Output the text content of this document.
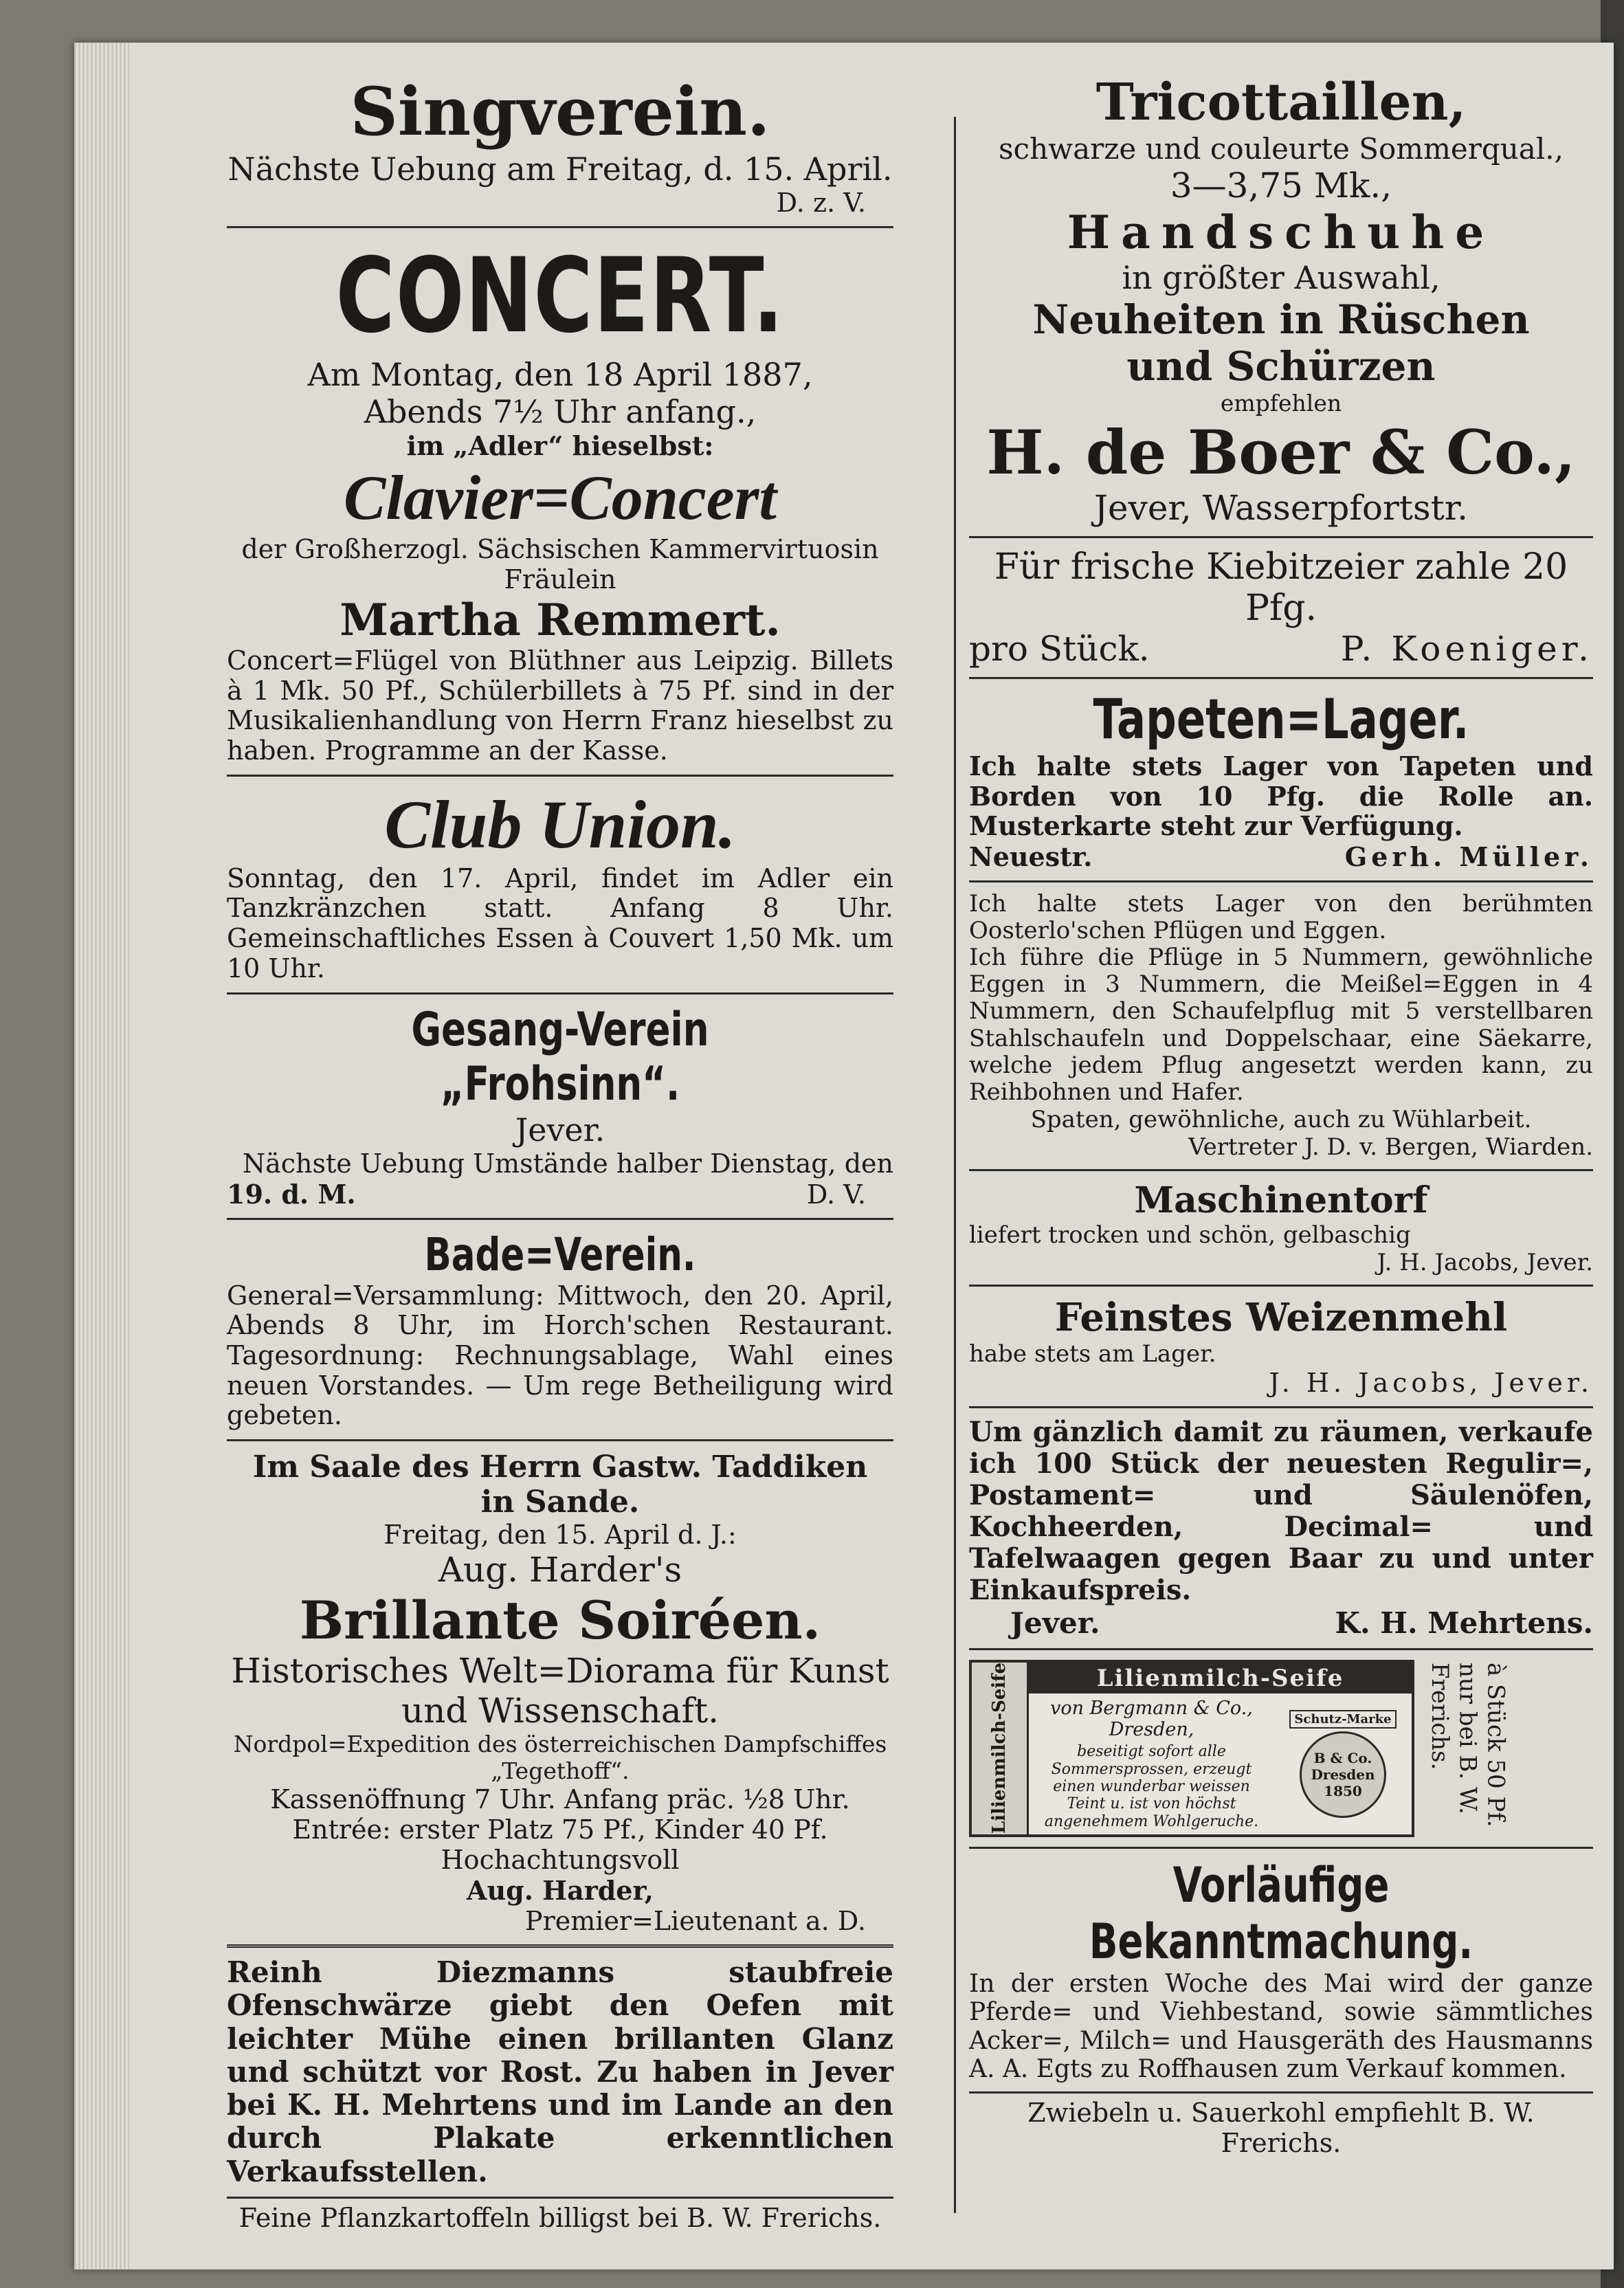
Singverein.
Nächste Uebung am Freitag, d. 15. April.
D. z. V.
CONCERT.
Am Montag, den 18 April 1887,
Abends 7½ Uhr anfang.,
im „Adler“ hieselbst:
Clavier=Concert
der Großherzogl. Sächsischen Kammervirtuosin
Fräulein
Martha Remmert.
Concert=Flügel von Blüthner aus Leipzig. Billets à 1 Mk. 50 Pf., Schülerbillets à 75 Pf. sind in der Musikalienhandlung von Herrn Franz hieselbst zu haben. Programme an der Kasse.
Club Union.
Sonntag, den 17. April, findet im Adler ein Tanzkränzchen statt. Anfang 8 Uhr. Gemeinschaftliches Essen à Couvert 1,50 Mk. um 10 Uhr.
Gesang-Verein „Frohsinn“.
Jever.
Nächste Uebung Umstände halber Dienstag, den
19. d. M.	D. V.
Bade=Verein.
General=Versammlung: Mittwoch, den 20. April, Abends 8 Uhr, im Horch'schen Restaurant. Tagesordnung: Rechnungsablage, Wahl eines neuen Vorstandes. — Um rege Betheiligung wird gebeten.
Im Saale des Herrn Gastw. Taddiken
in Sande.
Freitag, den 15. April d. J.:
Aug. Harder's
Brillante Soiréen.
Historisches Welt=Diorama für Kunst
und Wissenschaft.
Nordpol=Expedition des österreichischen Dampfschiffes
„Tegethoff“.
Kassenöffnung 7 Uhr. Anfang präc. ½8 Uhr.
Entrée: erster Platz 75 Pf., Kinder 40 Pf.
Hochachtungsvoll
Aug. Harder,
Premier=Lieutenant a. D.
Reinh Diezmanns staubfreie Ofenschwärze giebt den Oefen mit leichter Mühe einen brillanten Glanz und schützt vor Rost. Zu haben in Jever bei K. H. Mehrtens und im Lande an den durch Plakate erkenntlichen Verkaufsstellen.
Feine Pflanzkartoffeln billigst bei B. W. Frerichs.
Tricottaillen,
schwarze und couleurte Sommerqual.,
3—3,75 Mk.,
Handschuhe
in größter Auswahl,
Neuheiten in Rüschen
und Schürzen
empfehlen
H. de Boer & Co.,
Jever, Wasserpfortstr.
Für frische Kiebitzeier zahle 20 Pfg.
pro Stück.	P. Koeniger.
Tapeten=Lager.
Ich halte stets Lager von Tapeten und Borden von 10 Pfg. die Rolle an. Musterkarte steht zur Verfügung.
Neuestr.	Gerh. Müller.
Ich halte stets Lager von den berühmten Oosterlo'schen Pflügen und Eggen.
Ich führe die Pflüge in 5 Nummern, gewöhnliche Eggen in 3 Nummern, die Meißel=Eggen in 4 Nummern, den Schaufelpflug mit 5 verstellbaren Stahlschaufeln und Doppelschaar, eine Säekarre, welche jedem Pflug angesetzt werden kann, zu Reihbohnen und Hafer.
Spaten, gewöhnliche, auch zu Wühlarbeit.
Vertreter J. D. v. Bergen, Wiarden.
Maschinentorf
liefert trocken und schön, gelbaschig
J. H. Jacobs, Jever.
Feinstes Weizenmehl
habe stets am Lager.
J. H. Jacobs, Jever.
Um gänzlich damit zu räumen, verkaufe ich 100 Stück der neuesten Regulir=, Postament= und Säulenöfen, Kochheerden, Decimal= und Tafelwaagen gegen Baar zu und unter Einkaufspreis.
Jever.	K. H. Mehrtens.
Lilienmilch-Seife	Lilienmilch-Seife
von Bergmann & Co., Dresden,
beseitigt sofort alle Sommersprossen, erzeugt einen wunderbar weissen Teint u. ist von höchst angenehmem Wohlgeruche.
Schutz-Marke
B & Co. Dresden 1850	à Stück 50 Pf. nur bei B. W. Frerichs.
Vorläufige Bekanntmachung.
In der ersten Woche des Mai wird der ganze Pferde= und Viehbestand, sowie sämmtliches Acker=, Milch= und Hausgeräth des Hausmanns A. A. Egts zu Roffhausen zum Verkauf kommen.
Zwiebeln u. Sauerkohl empfiehlt B. W. Frerichs.
